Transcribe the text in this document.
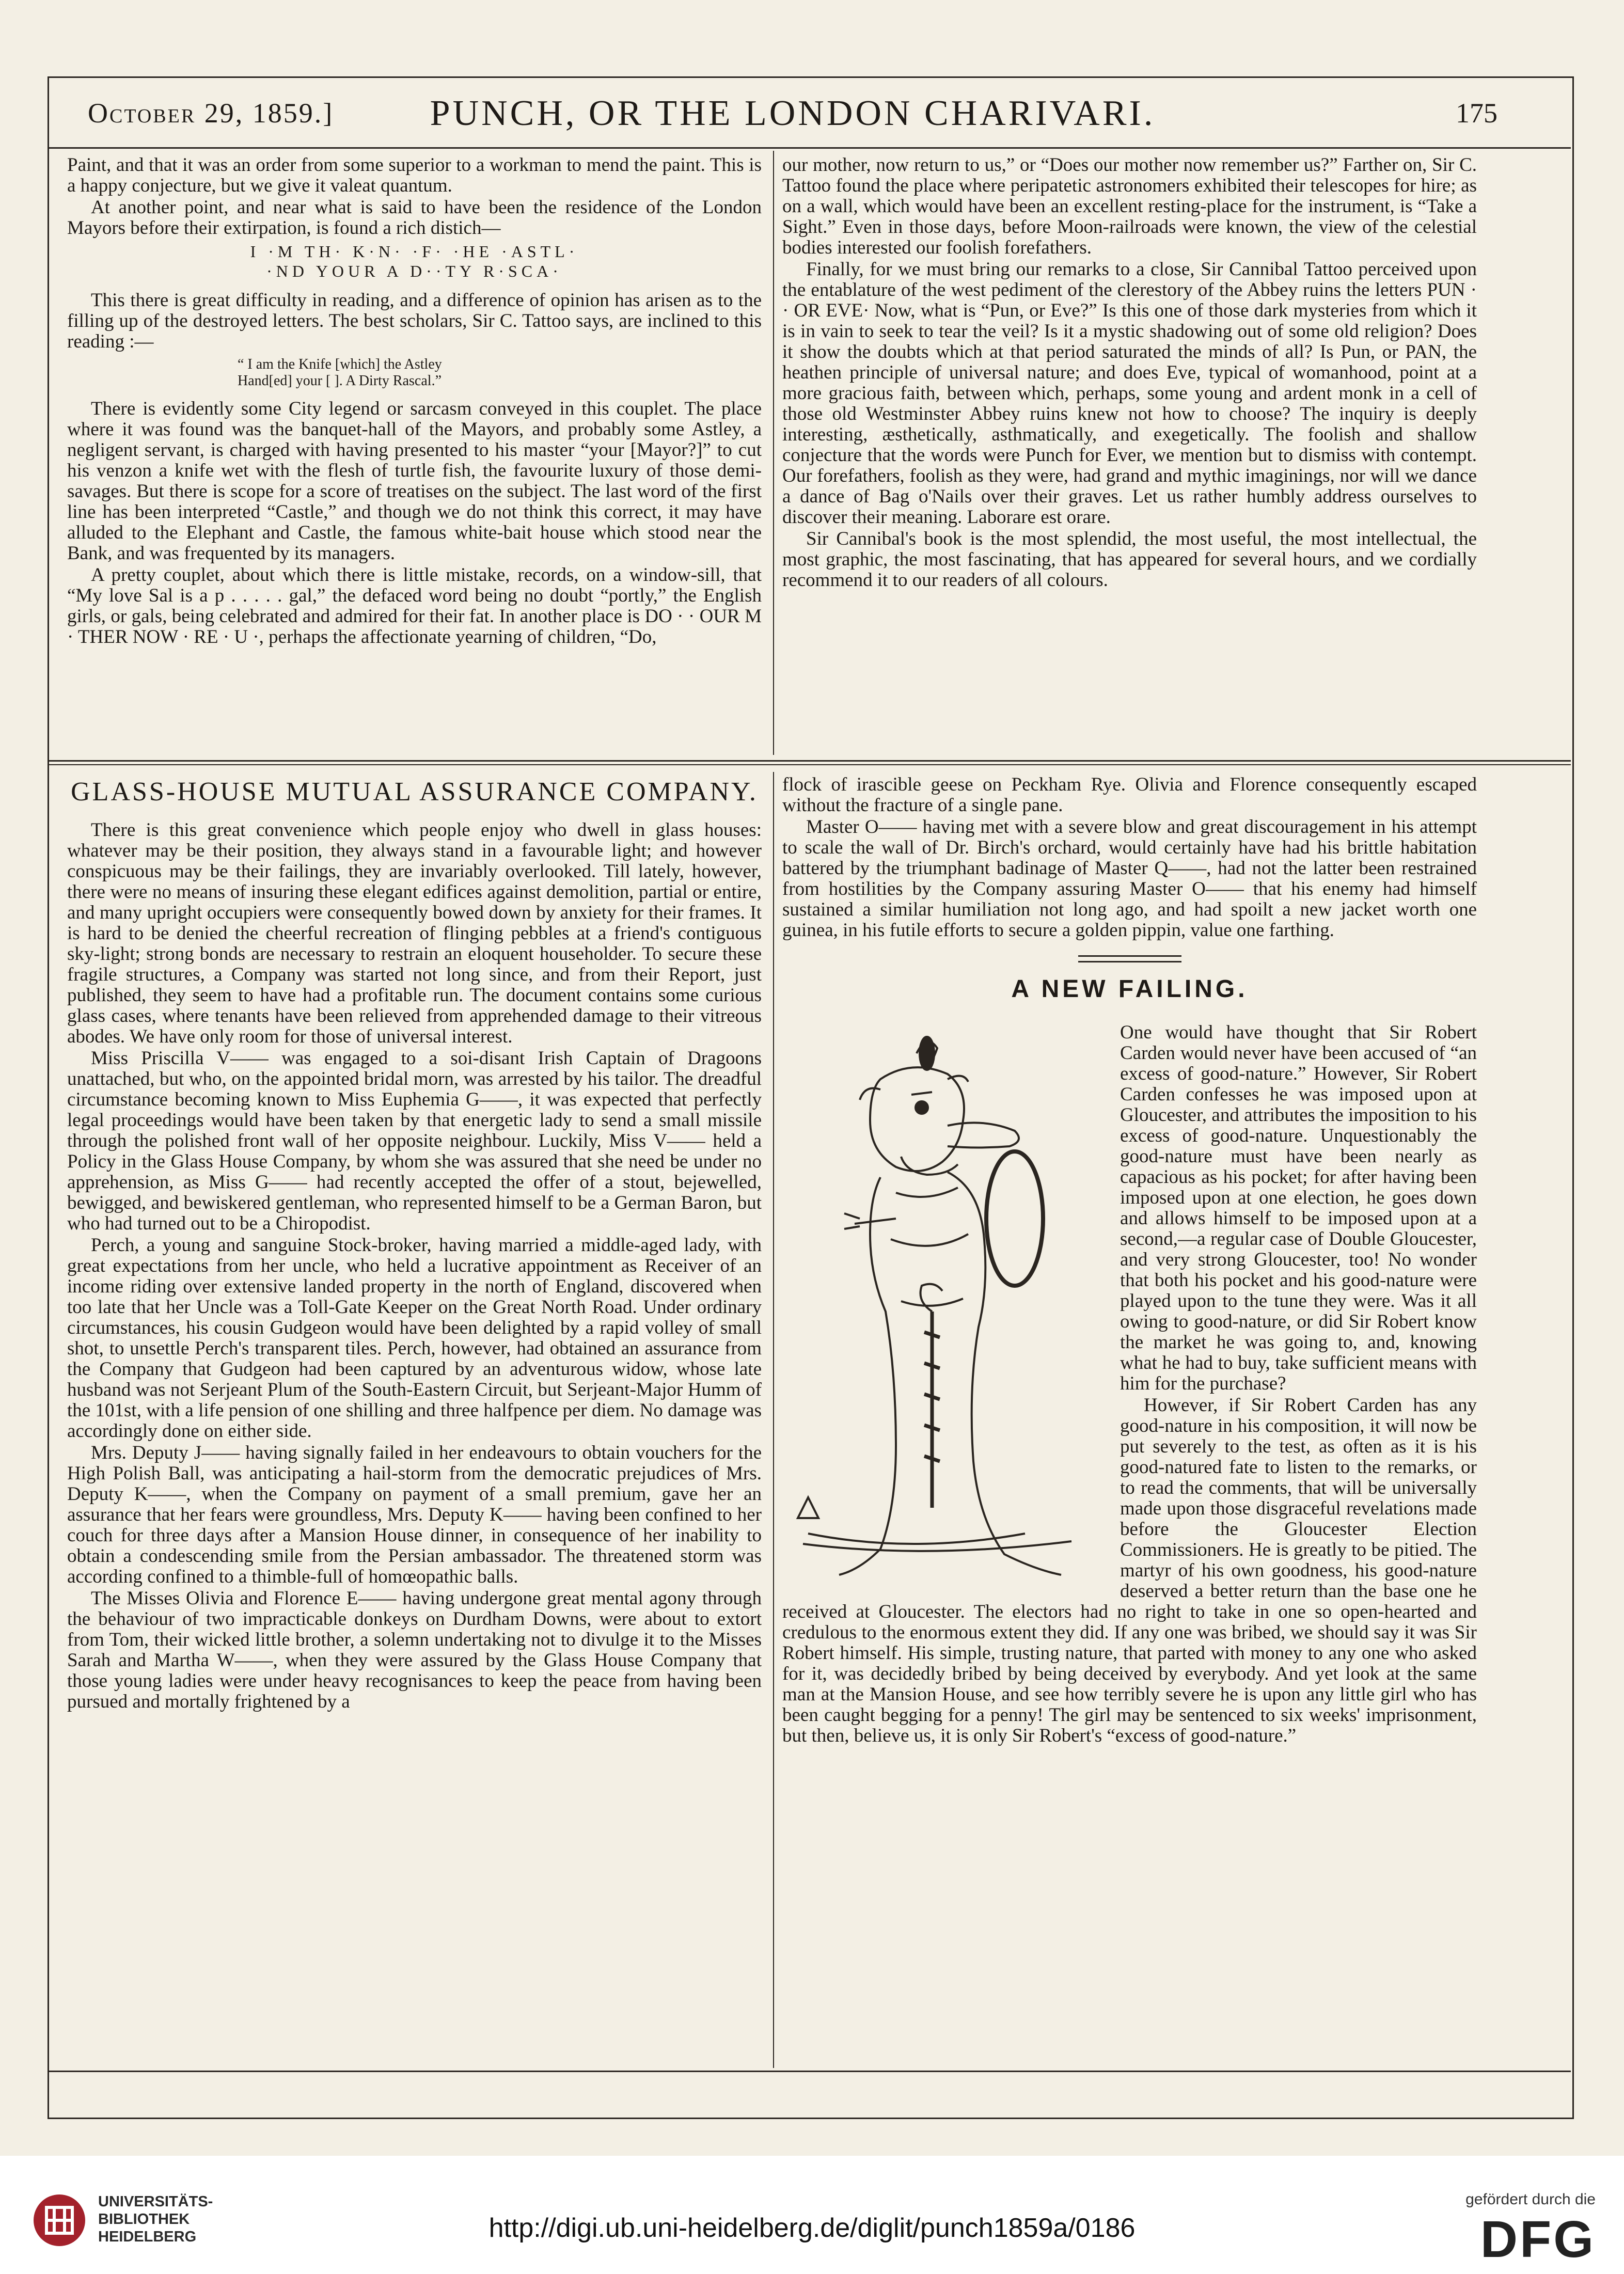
October 29, 1859.]	PUNCH, OR THE LONDON CHARIVARI.	175

Paint, and that it was an order from some superior to a workman to mend the paint. This is a happy conjecture, but we give it valeat quantum.

At another point, and near what is said to have been the residence of the London Mayors before their extirpation, is found a rich distich—

I ·M TH· K·N· ·F· ·HE ·ASTL·
·ND YOUR A D··TY R·SCA·

This there is great difficulty in reading, and a difference of opinion has arisen as to the filling up of the destroyed letters. The best scholars, Sir C. Tattoo says, are inclined to this reading :—

“ I am the Knife [which] the Astley
Hand[ed] your [ ]. A Dirty Rascal.”

There is evidently some City legend or sarcasm conveyed in this couplet. The place where it was found was the banquet-hall of the Mayors, and probably some Astley, a negligent servant, is charged with having presented to his master “your [Mayor?]” to cut his venzon a knife wet with the flesh of turtle fish, the favourite luxury of those demi-savages. But there is scope for a score of treatises on the subject. The last word of the first line has been interpreted “Castle,” and though we do not think this correct, it may have alluded to the Elephant and Castle, the famous white-bait house which stood near the Bank, and was frequented by its managers.

A pretty couplet, about which there is little mistake, records, on a window-sill, that “My love Sal is a p . . . . . gal,” the defaced word being no doubt “portly,” the English girls, or gals, being celebrated and admired for their fat. In another place is DO · · OUR M · THER NOW · RE · U ·, perhaps the affectionate yearning of children, “Do,

our mother, now return to us,” or “Does our mother now remember us?” Farther on, Sir C. Tattoo found the place where peripatetic astronomers exhibited their telescopes for hire; as on a wall, which would have been an excellent resting-place for the instrument, is “Take a Sight.” Even in those days, before Moon-railroads were known, the view of the celestial bodies interested our foolish forefathers.

Finally, for we must bring our remarks to a close, Sir Cannibal Tattoo perceived upon the entablature of the west pediment of the clerestory of the Abbey ruins the letters PUN · · OR EVE· Now, what is “Pun, or Eve?” Is this one of those dark mysteries from which it is in vain to seek to tear the veil? Is it a mystic shadowing out of some old religion? Does it show the doubts which at that period saturated the minds of all? Is Pun, or PAN, the heathen principle of universal nature; and does Eve, typical of womanhood, point at a more gracious faith, between which, perhaps, some young and ardent monk in a cell of those old Westminster Abbey ruins knew not how to choose? The inquiry is deeply interesting, æsthetically, asthmatically, and exegetically. The foolish and shallow conjecture that the words were Punch for Ever, we mention but to dismiss with contempt. Our forefathers, foolish as they were, had grand and mythic imaginings, nor will we dance a dance of Bag o'Nails over their graves. Let us rather humbly address ourselves to discover their meaning. Laborare est orare.

Sir Cannibal's book is the most splendid, the most useful, the most intellectual, the most graphic, the most fascinating, that has appeared for several hours, and we cordially recommend it to our readers of all colours.

GLASS-HOUSE MUTUAL ASSURANCE COMPANY.

There is this great convenience which people enjoy who dwell in glass houses: whatever may be their position, they always stand in a favourable light; and however conspicuous may be their failings, they are invariably overlooked. Till lately, however, there were no means of insuring these elegant edifices against demolition, partial or entire, and many upright occupiers were consequently bowed down by anxiety for their frames. It is hard to be denied the cheerful recreation of flinging pebbles at a friend's contiguous sky-light; strong bonds are necessary to restrain an eloquent householder. To secure these fragile structures, a Company was started not long since, and from their Report, just published, they seem to have had a profitable run. The document contains some curious glass cases, where tenants have been relieved from apprehended damage to their vitreous abodes. We have only room for those of universal interest.

Miss Priscilla V—— was engaged to a soi-disant Irish Captain of Dragoons unattached, but who, on the appointed bridal morn, was arrested by his tailor. The dreadful circumstance becoming known to Miss Euphemia G——, it was expected that perfectly legal proceedings would have been taken by that energetic lady to send a small missile through the polished front wall of her opposite neighbour. Luckily, Miss V—— held a Policy in the Glass House Company, by whom she was assured that she need be under no apprehension, as Miss G—— had recently accepted the offer of a stout, bejewelled, bewigged, and bewiskered gentleman, who represented himself to be a German Baron, but who had turned out to be a Chiropodist.

Perch, a young and sanguine Stock-broker, having married a middle-aged lady, with great expectations from her uncle, who held a lucrative appointment as Receiver of an income riding over extensive landed property in the north of England, discovered when too late that her Uncle was a Toll-Gate Keeper on the Great North Road. Under ordinary circumstances, his cousin Gudgeon would have been delighted by a rapid volley of small shot, to unsettle Perch's transparent tiles. Perch, however, had obtained an assurance from the Company that Gudgeon had been captured by an adventurous widow, whose late husband was not Serjeant Plum of the South-Eastern Circuit, but Serjeant-Major Humm of the 101st, with a life pension of one shilling and three halfpence per diem. No damage was accordingly done on either side.

Mrs. Deputy J—— having signally failed in her endeavours to obtain vouchers for the High Polish Ball, was anticipating a hail-storm from the democratic prejudices of Mrs. Deputy K——, when the Company on payment of a small premium, gave her an assurance that her fears were groundless, Mrs. Deputy K—— having been confined to her couch for three days after a Mansion House dinner, in consequence of her inability to obtain a condescending smile from the Persian ambassador. The threatened storm was according confined to a thimble-full of homœopathic balls.

The Misses Olivia and Florence E—— having undergone great mental agony through the behaviour of two impracticable donkeys on Durdham Downs, were about to extort from Tom, their wicked little brother, a solemn undertaking not to divulge it to the Misses Sarah and Martha W——, when they were assured by the Glass House Company that those young ladies were under heavy recognisances to keep the peace from having been pursued and mortally frightened by a

flock of irascible geese on Peckham Rye. Olivia and Florence consequently escaped without the fracture of a single pane.

Master O—— having met with a severe blow and great discouragement in his attempt to scale the wall of Dr. Birch's orchard, would certainly have had his brittle habitation battered by the triumphant badinage of Master Q——, had not the latter been restrained from hostilities by the Company assuring Master O—— that his enemy had himself sustained a similar humiliation not long ago, and had spoilt a new jacket worth one guinea, in his futile efforts to secure a golden pippin, value one farthing.

A NEW FAILING.

One would have thought that Sir Robert Carden would never have been accused of “an excess of good-nature.” However, Sir Robert Carden confesses he was imposed upon at Gloucester, and attributes the imposition to his excess of good-nature. Unquestionably the good-nature must have been nearly as capacious as his pocket; for after having been imposed upon at one election, he goes down and allows himself to be imposed upon at a second,—a regular case of Double Gloucester, and very strong Gloucester, too! No wonder that both his pocket and his good-nature were played upon to the tune they were. Was it all owing to good-nature, or did Sir Robert know the market he was going to, and, knowing what he had to buy, take sufficient means with him for the purchase?

However, if Sir Robert Carden has any good-nature in his composition, it will now be put severely to the test, as often as it is his good-natured fate to listen to the remarks, or to read the comments, that will be universally made upon those disgraceful revelations made before the Gloucester Election Commissioners. He is greatly to be pitied. The martyr of his own goodness, his good-nature deserved a better return than the base one he received at Gloucester. The electors had no right to take in one so open-hearted and credulous to the enormous extent they did. If any one was bribed, we should say it was Sir Robert himself. His simple, trusting nature, that parted with money to any one who asked for it, was decidedly bribed by being deceived by everybody. And yet look at the same man at the Mansion House, and see how terribly severe he is upon any little girl who has been caught begging for a penny! The girl may be sentenced to six weeks' imprisonment, but then, believe us, it is only Sir Robert's “excess of good-nature.”

UNIVERSITÄTS-
BIBLIOTHEK
HEIDELBERG	http://digi.ub.uni-heidelberg.de/diglit/punch1859a/0186
gefördert durch die
DFG
